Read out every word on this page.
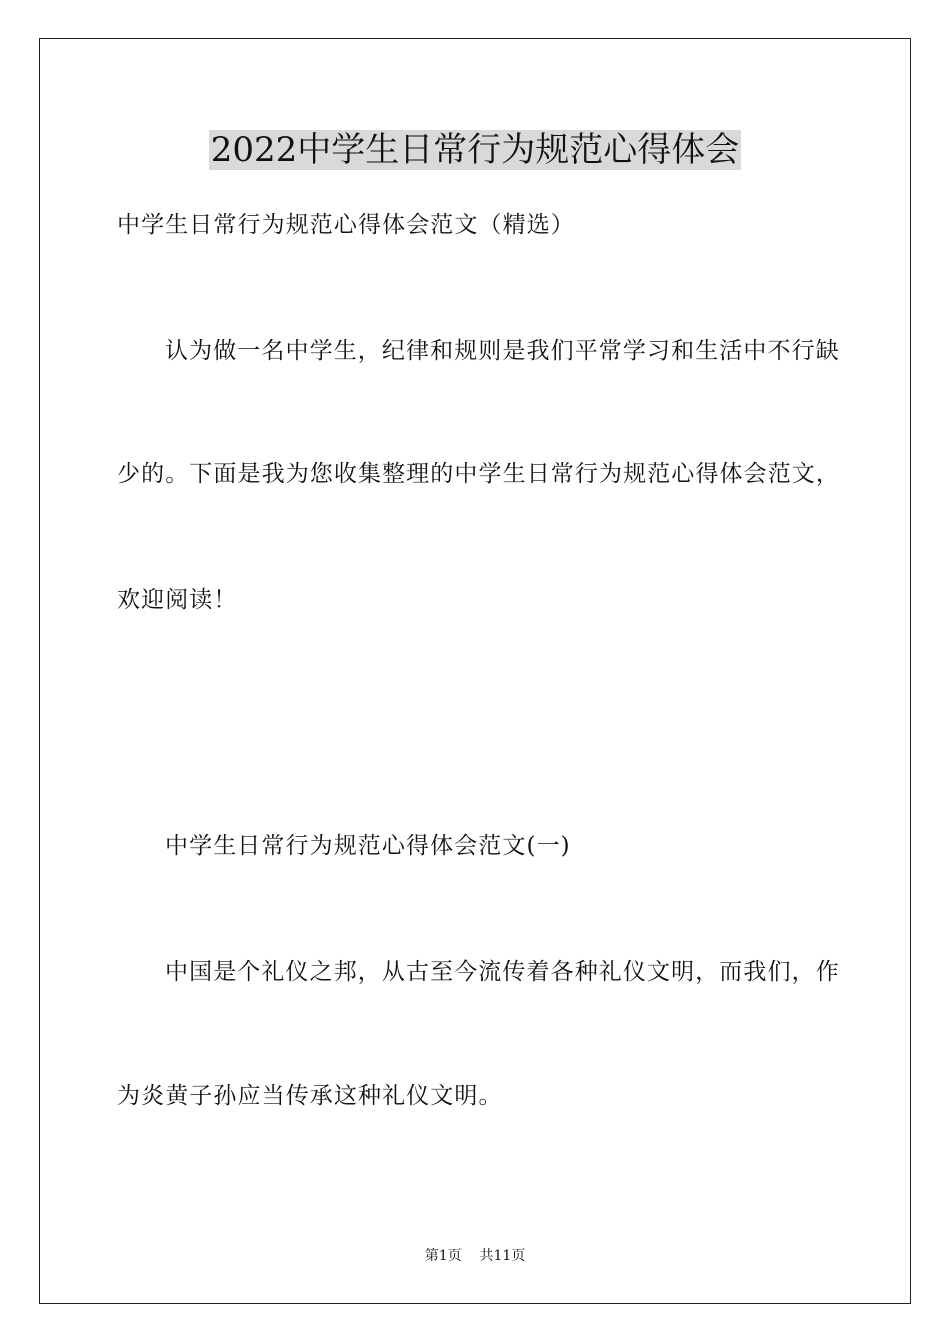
2022中学生日常行为规范心得体会
中学生日常行为规范心得体会范文（精选）
认为做一名中学生，纪律和规则是我们平常学习和生活中不行缺
少的。下面是我为您收集整理的中学生日常行为规范心得体会范文，
欢迎阅读！
中学生日常行为规范心得体会范文(一)
中国是个礼仪之邦，从古至今流传着各种礼仪文明，而我们，作
为炎黄子孙应当传承这种礼仪文明。
第1页    共11页
